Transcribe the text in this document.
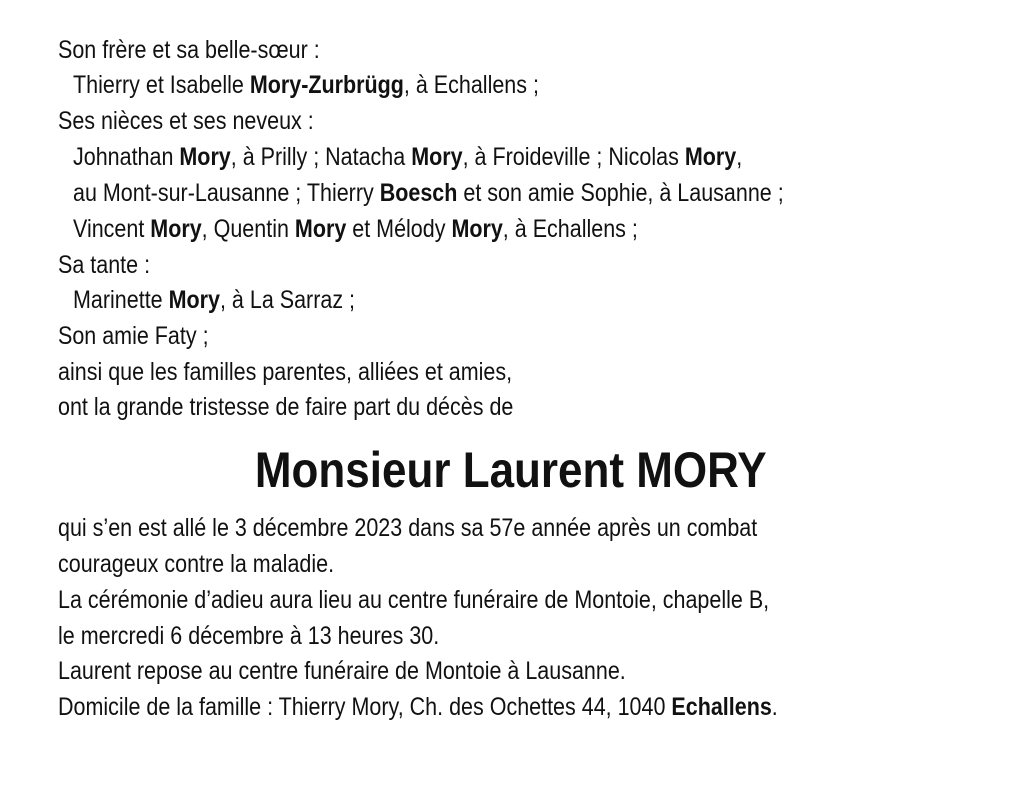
Son frère et sa belle-sœur :
Thierry et Isabelle Mory-Zurbrügg, à Echallens ;
Ses nièces et ses neveux :
Johnathan Mory, à Prilly ; Natacha Mory, à Froideville ; Nicolas Mory,
au Mont-sur-Lausanne ; Thierry Boesch et son amie Sophie, à Lausanne ;
Vincent Mory, Quentin Mory et Mélody Mory, à Echallens ;
Sa tante :
Marinette Mory, à La Sarraz ;
Son amie Faty ;
ainsi que les familles parentes, alliées et amies,
ont la grande tristesse de faire part du décès de
Monsieur Laurent MORY
qui s’en est allé le 3 décembre 2023 dans sa 57e année après un combat
courageux contre la maladie.
La cérémonie d’adieu aura lieu au centre funéraire de Montoie, chapelle B,
le mercredi 6 décembre à 13 heures 30.
Laurent repose au centre funéraire de Montoie à Lausanne.
Domicile de la famille : Thierry Mory, Ch. des Ochettes 44, 1040 Echallens.
